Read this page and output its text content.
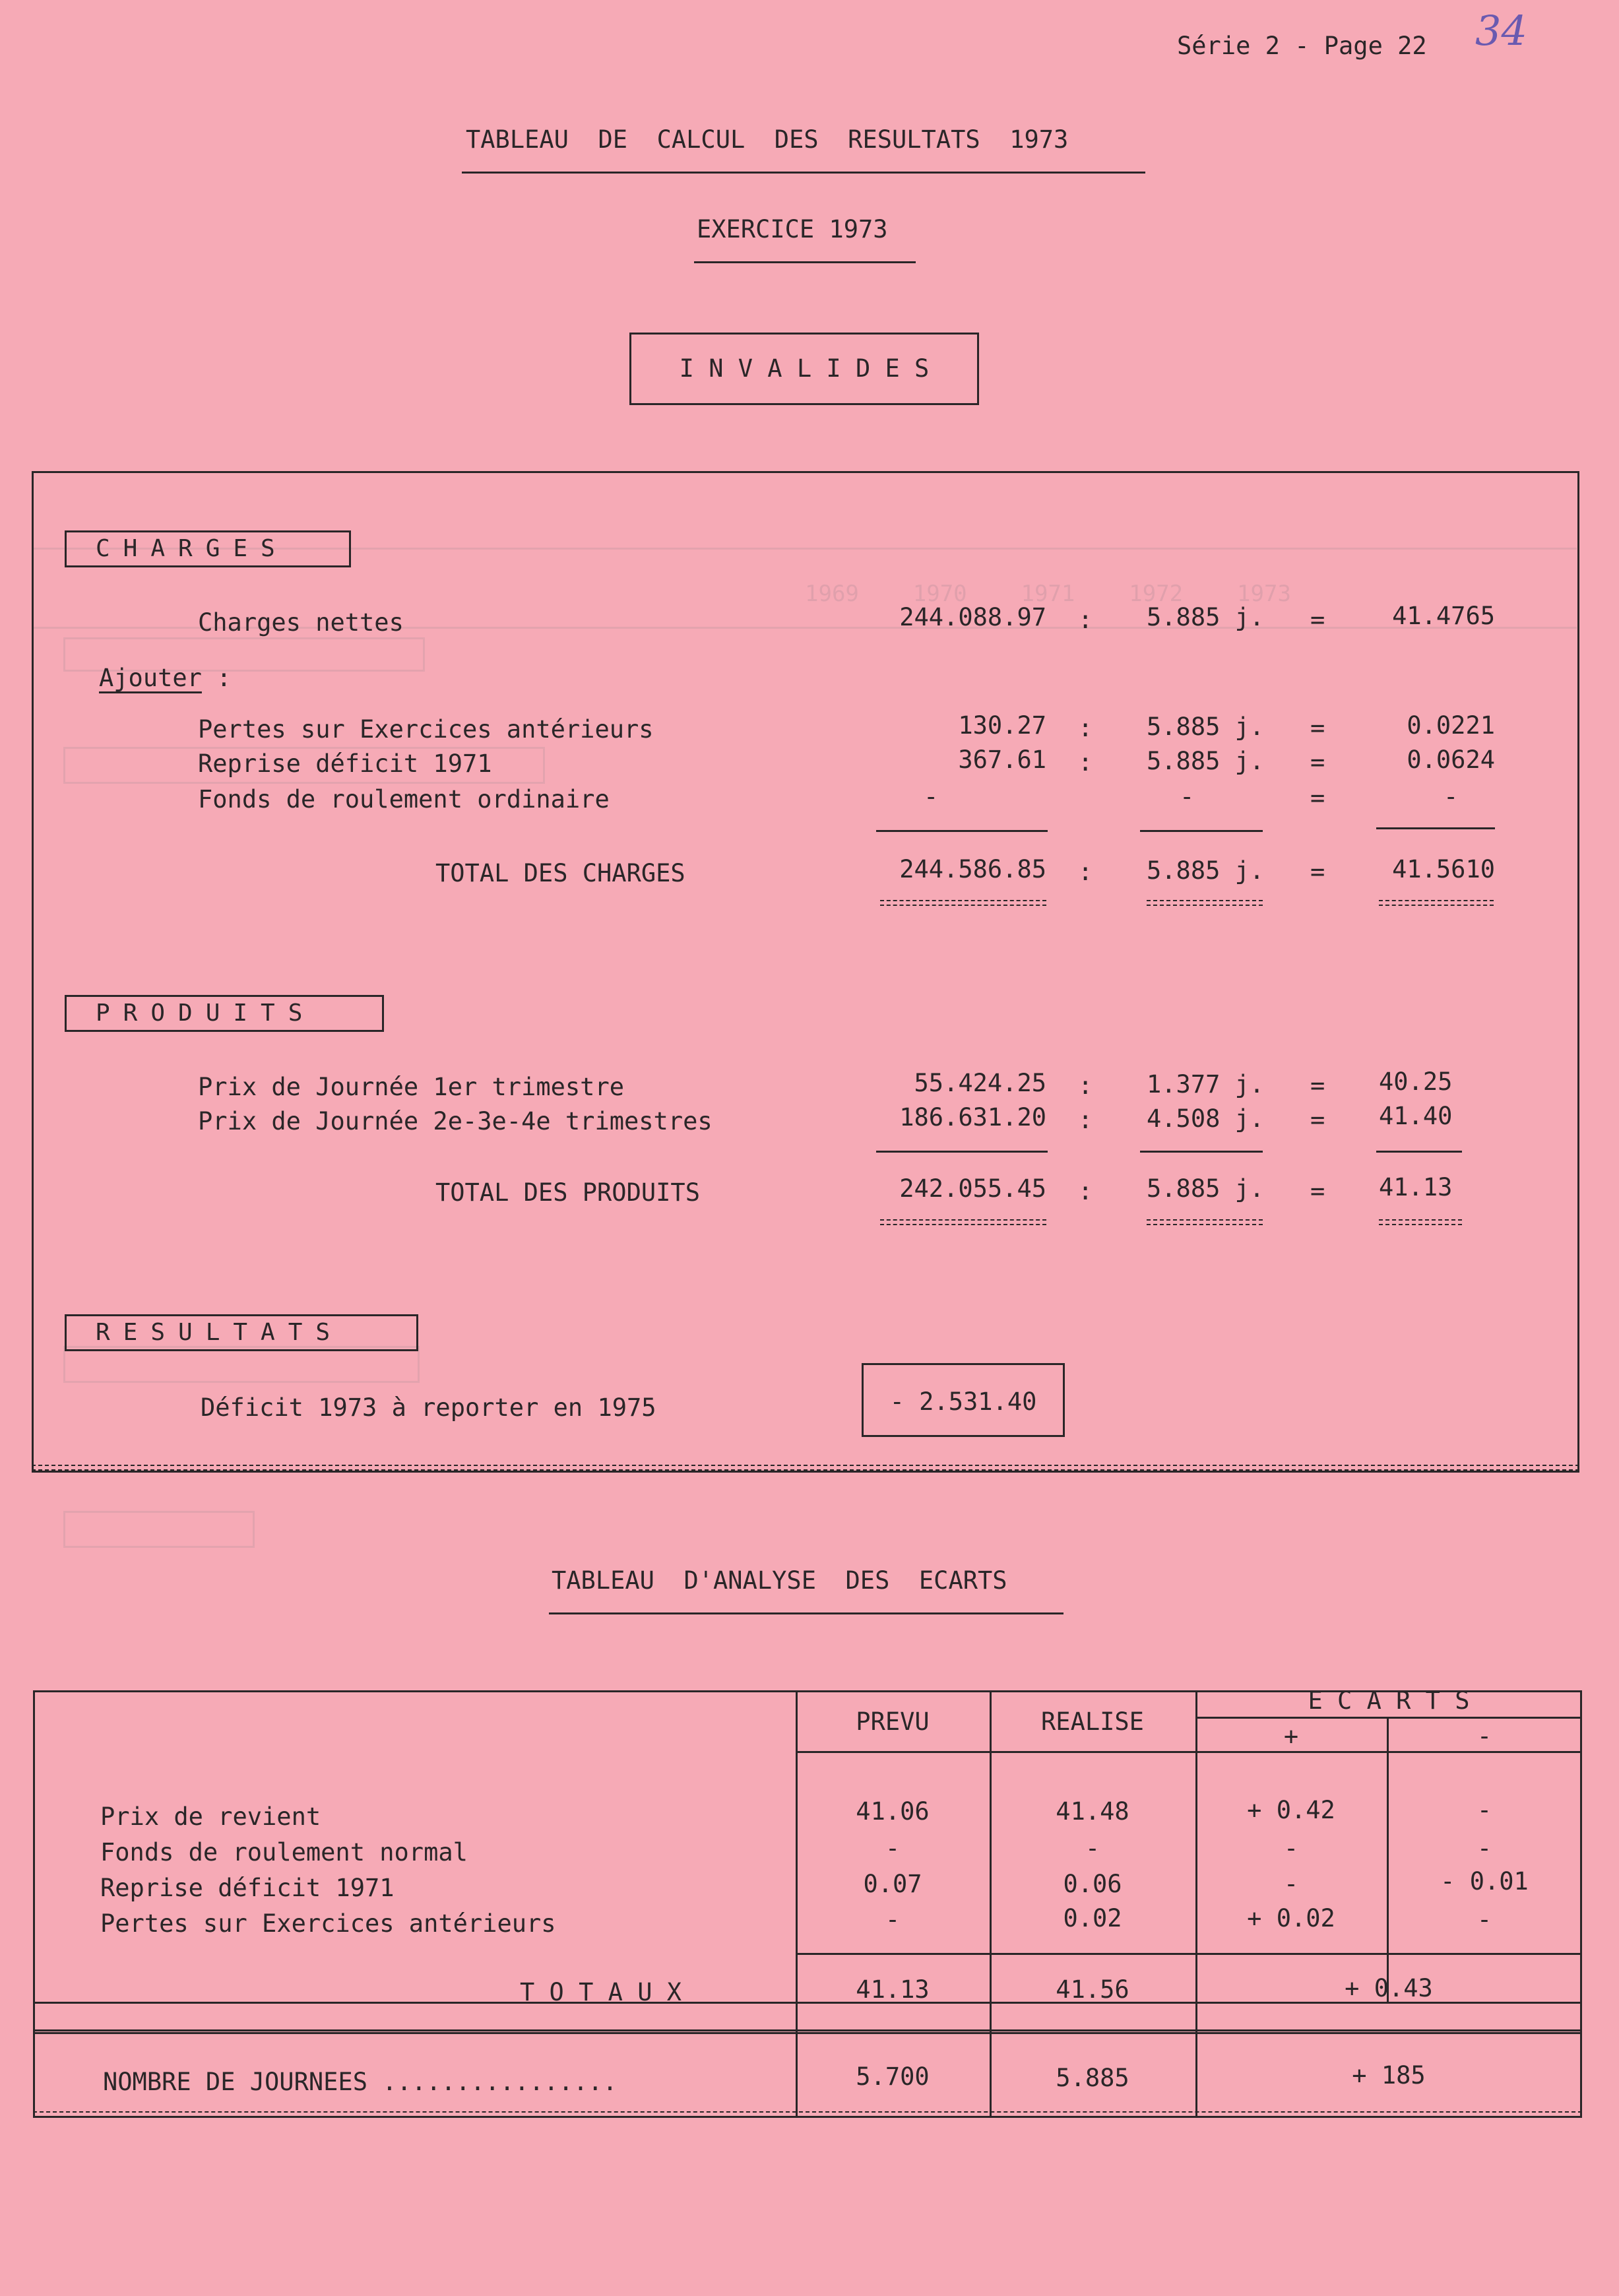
1969    1970    1971    1972    1973
Série 2 - Page 22 34
TABLEAU  DE  CALCUL  DES  RESULTATS  1973
EXERCICE 1973
I N V A L I D E S
CHARGES
Charges nettes	244.088.97 : 5.885 j. =	41.4765
Ajouter :
Pertes sur Exercices antérieurs	130.27 : 5.885 j. =	0.0221
Reprise déficit 1971	367.61 : 5.885 j. =	0.0624
Fonds de roulement ordinaire	-	-	=	-
TOTAL DES CHARGES	244.586.85 : 5.885 j. =	41.5610
PRODUITS
Prix de Journée 1er trimestre	55.424.25 : 1.377 j. = 40.25
Prix de Journée 2e-3e-4e trimestres	186.631.20 : 4.508 j. = 41.40
TOTAL DES PRODUITS	242.055.45 : 5.885 j. = 41.13
RESULTATS
Déficit 1973 à reporter en 1975	- 2.531.40
TABLEAU  D'ANALYSE  DES  ECARTS
PREVU	REALISE
E C A R T S
+	-
Prix de revient	41.06	41.48	+ 0.42	-
Fonds de roulement normal	-	-	-	-
Reprise déficit 1971	0.07	0.06	-	- 0.01
Pertes sur Exercices antérieurs	-	0.02	+ 0.02	-
T O T A U X	41.13	41.56	+ 0.43
NOMBRE DE JOURNEES ................	5.700	5.885	+ 185
